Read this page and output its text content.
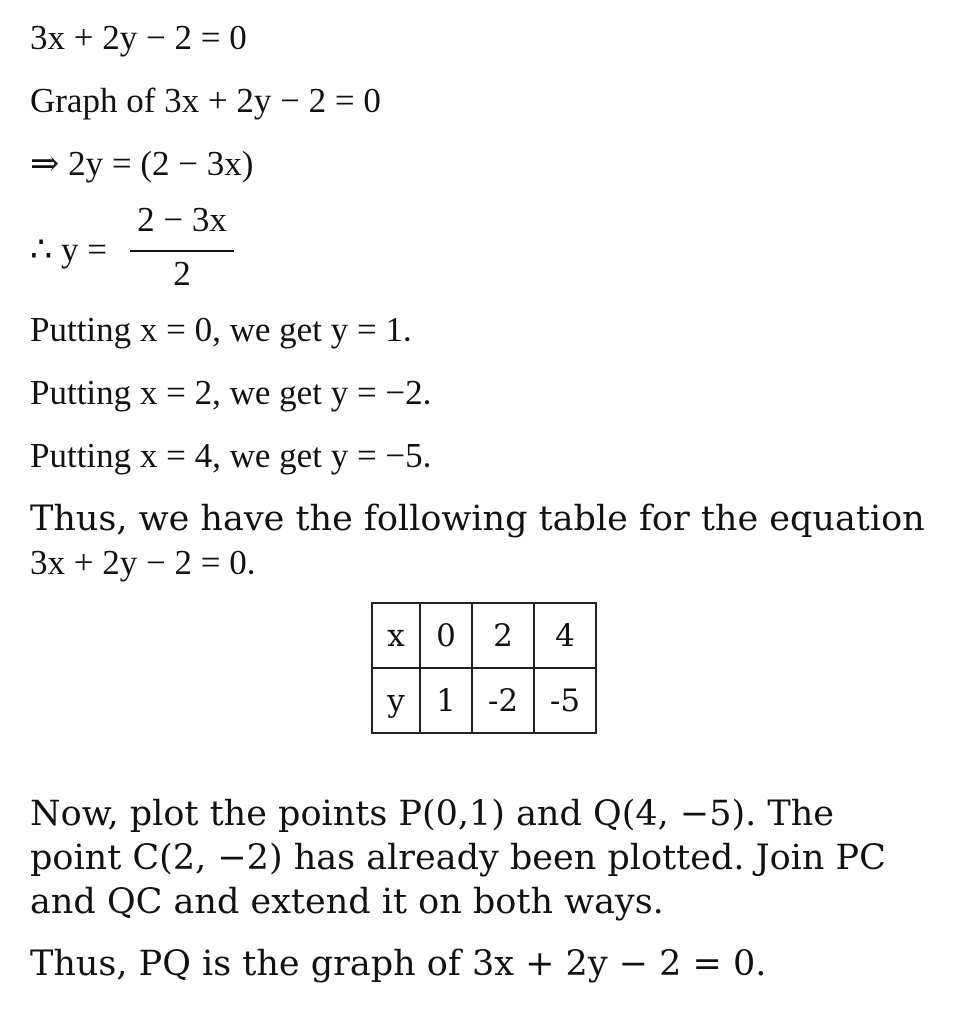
3x + 2y − 2 = 0
Graph of 3x + 2y − 2 = 0
⇒ 2y = (2 − 3x)
∴ y =
2 − 3x
2
Putting x = 0, we get y = 1.
Putting x = 2, we get y = −2.
Putting x = 4, we get y = −5.
Thus, we have the following table for the equation
3x + 2y − 2 = 0.
x	0	2	4
y	1	-2	-5
Now, plot the points P(0,1) and Q(4, −5). The point C(2, −2) has already been plotted. Join PC and QC and extend it on both ways.
Thus, PQ is the graph of 3x + 2y − 2 = 0.
